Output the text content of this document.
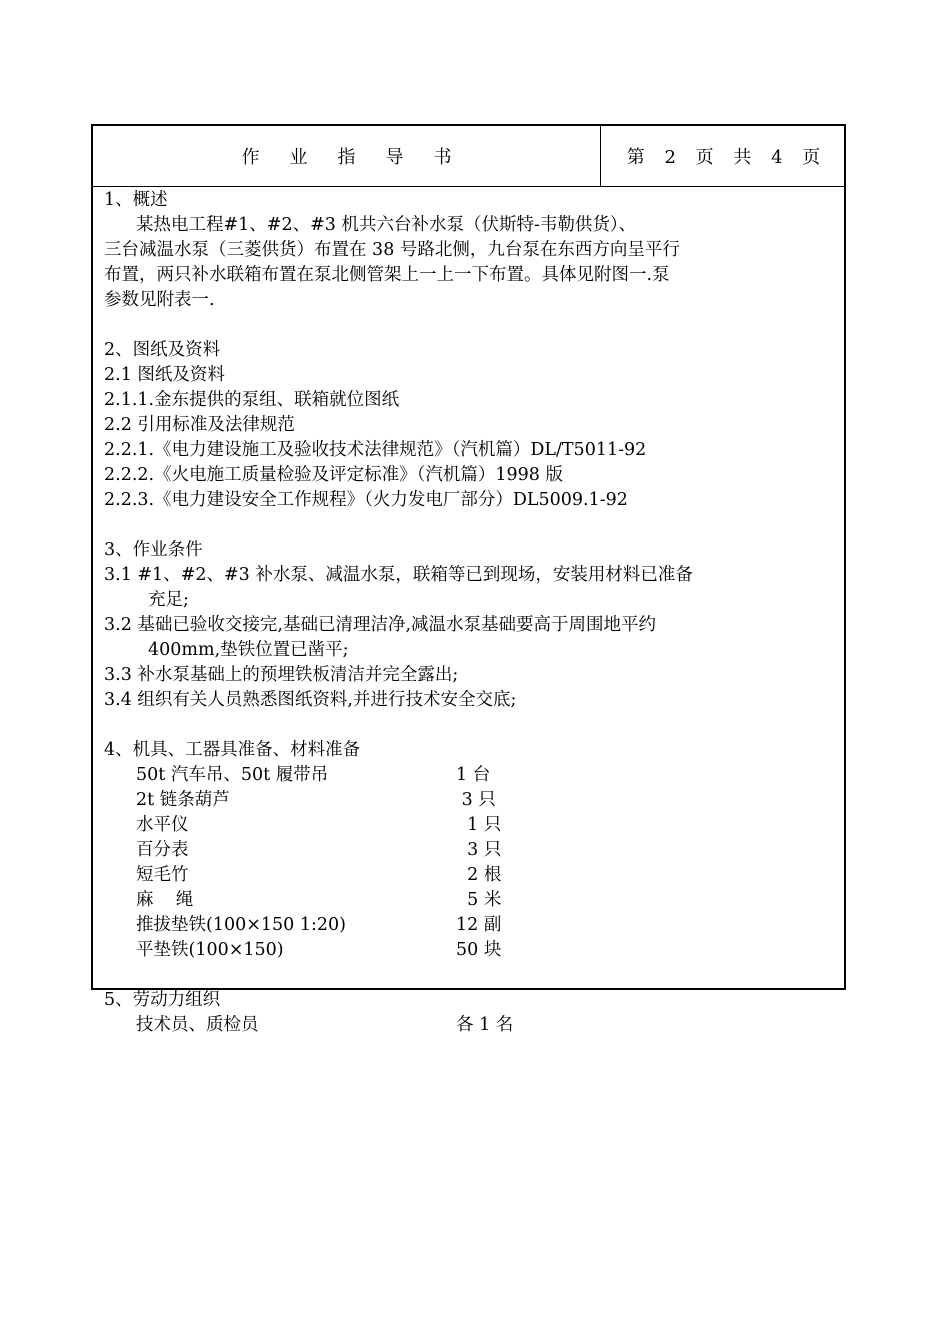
作业指导书	第 2 页 共 4 页
1、概述
某热电工程#1、#2、#3 机共六台补水泵（伏斯特-韦勒供货）、
三台减温水泵（三菱供货）布置在 38 号路北侧，九台泵在东西方向呈平行
布置，两只补水联箱布置在泵北侧管架上一上一下布置。具体见附图一.泵
参数见附表一.
2、图纸及资料
2.1 图纸及资料
2.1.1.金东提供的泵组、联箱就位图纸
2.2 引用标准及法律规范
2.2.1.《电力建设施工及验收技术法律规范》（汽机篇）DL/T5011-92
2.2.2.《火电施工质量检验及评定标准》（汽机篇）1998 版
2.2.3.《电力建设安全工作规程》（火力发电厂部分）DL5009.1-92
3、作业条件
3.1 #1、#2、#3 补水泵、减温水泵，联箱等已到现场，安装用材料已准备
充足;
3.2 基础已验收交接完,基础已清理洁净,减温水泵基础要高于周围地平约
400mm,垫铁位置已凿平;
3.3 补水泵基础上的预埋铁板清洁并完全露出;
3.4 组织有关人员熟悉图纸资料,并进行技术安全交底;
4、机具、工器具准备、材料准备
50t 汽车吊、50t 履带吊	1 台
2t 链条葫芦	3 只
水平仪	1 只
百分表	3 只
短毛竹	2 根
麻    绳	5 米
推拔垫铁(100×150 1:20)	12 副
平垫铁(100×150)	50 块
5、劳动力组织
技术员、质检员	各 1 名
